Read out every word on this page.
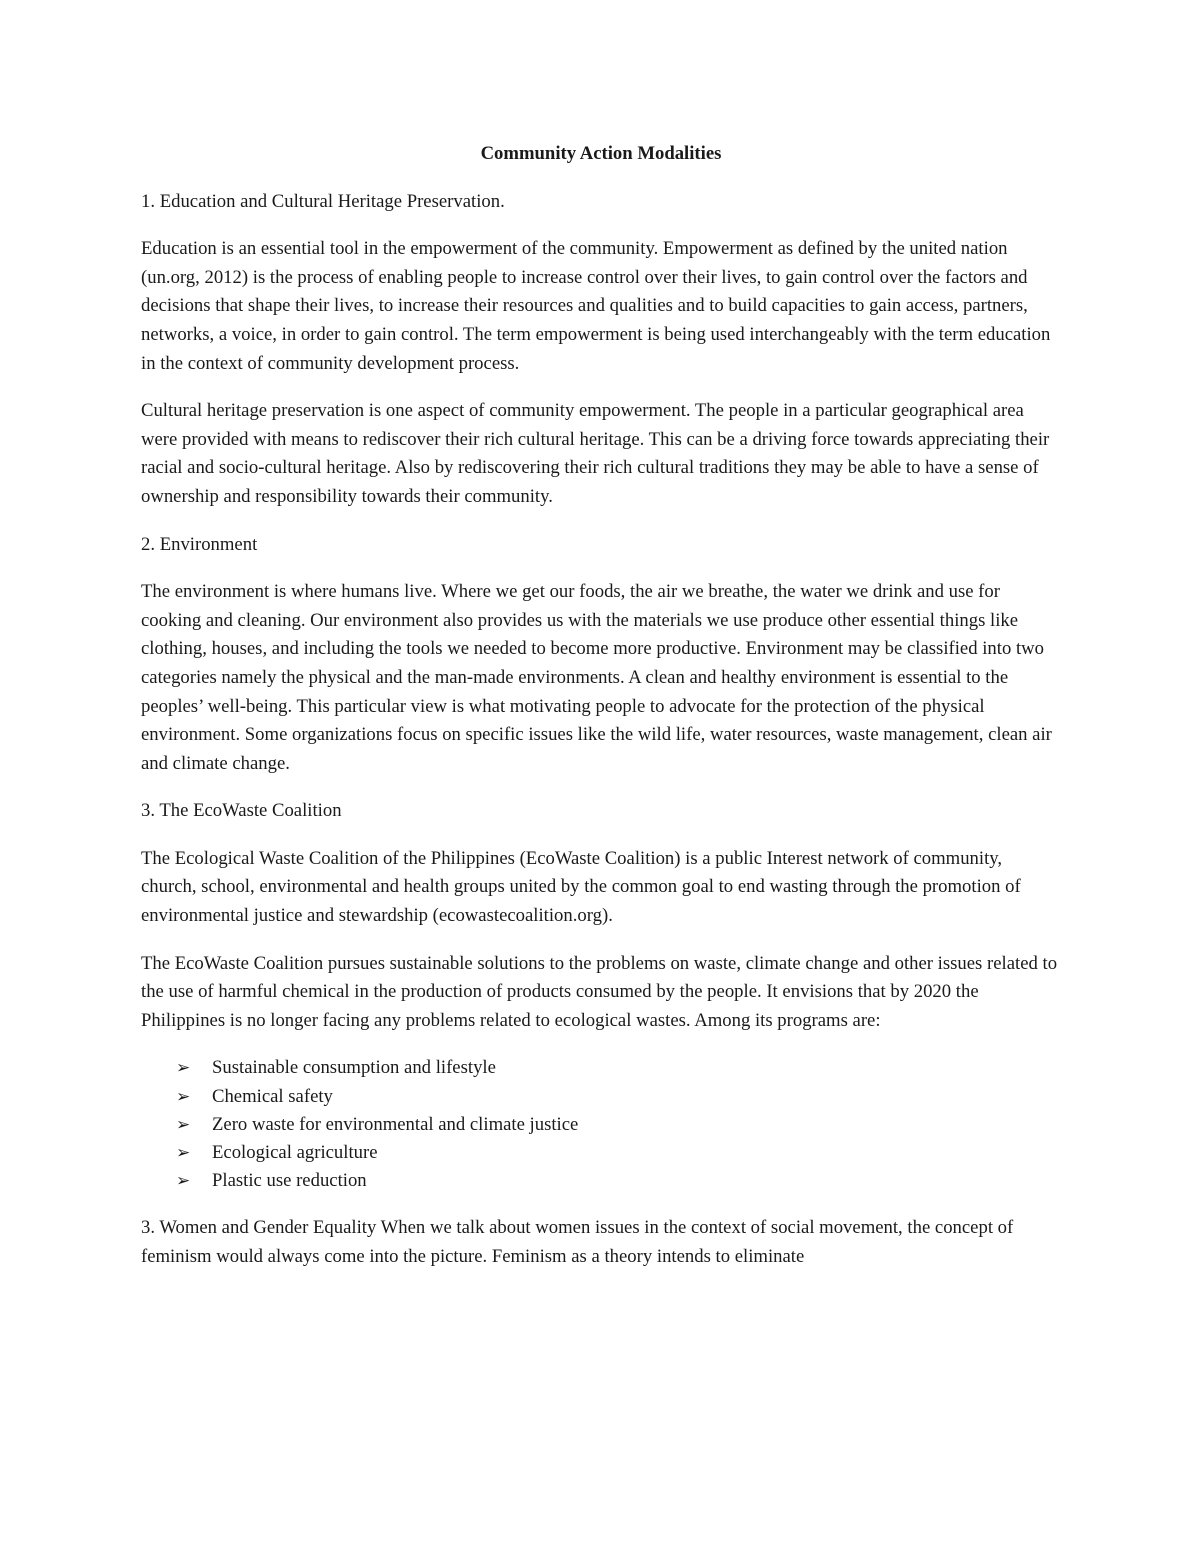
Community Action Modalities

1. Education and Cultural Heritage Preservation.

Education is an essential tool in the empowerment of the community. Empowerment as defined by the united nation (un.org, 2012) is the process of enabling people to increase control over their lives, to gain control over the factors and decisions that shape their lives, to increase their resources and qualities and to build capacities to gain access, partners, networks, a voice, in order to gain control. The term empowerment is being used interchangeably with the term education in the context of community development process.

Cultural heritage preservation is one aspect of community empowerment. The people in a particular geographical area were provided with means to rediscover their rich cultural heritage. This can be a driving force towards appreciating their racial and socio-cultural heritage. Also by rediscovering their rich cultural traditions they may be able to have a sense of ownership and responsibility towards their community.

2. Environment

The environment is where humans live. Where we get our foods, the air we breathe, the water we drink and use for cooking and cleaning. Our environment also provides us with the materials we use produce other essential things like clothing, houses, and including the tools we needed to become more productive. Environment may be classified into two categories namely the physical and the man-made environments. A clean and healthy environment is essential to the peoples’ well-being. This particular view is what motivating people to advocate for the protection of the physical environment. Some organizations focus on specific issues like the wild life, water resources, waste management, clean air and climate change.

3. The EcoWaste Coalition

The Ecological Waste Coalition of the Philippines (EcoWaste Coalition) is a public Interest network of community, church, school, environmental and health groups united by the common goal to end wasting through the promotion of environmental justice and stewardship (ecowastecoalition.org).

The EcoWaste Coalition pursues sustainable solutions to the problems on waste, climate change and other issues related to the use of harmful chemical in the production of products consumed by the people. It envisions that by 2020 the Philippines is no longer facing any problems related to ecological wastes. Among its programs are:

➢	Sustainable consumption and lifestyle
➢	Chemical safety
➢	Zero waste for environmental and climate justice
➢	Ecological agriculture
➢	Plastic use reduction

3. Women and Gender Equality When we talk about women issues in the context of social movement, the concept of feminism would always come into the picture. Feminism as a theory intends to eliminate
